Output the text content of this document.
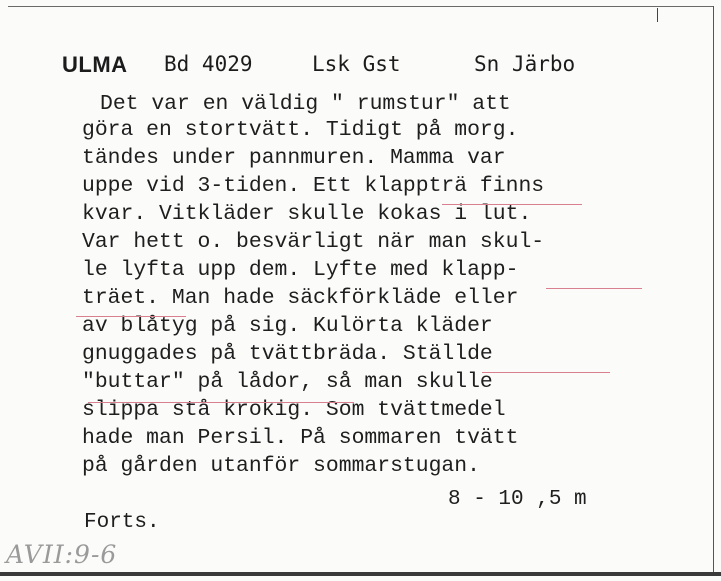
ULMA Bd 4029	Lsk Gst	Sn Järbo
Det var en väldig " rumstur" att
göra en stortvätt. Tidigt på morg.
tändes under pannmuren. Mamma var
uppe vid 3-tiden. Ett klappträ finns
kvar. Vitkläder skulle kokas i lut.
Var hett o. besvärligt när man skul-
le lyfta upp dem. Lyfte med klapp-
träet. Man hade säckförkläde eller
av blåtyg på sig. Kulörta kläder
gnuggades på tvättbräda. Ställde
"buttar" på lådor, så man skulle
slippa stå krokig. Som tvättmedel
hade man Persil. På sommaren tvätt
på gården utanför sommarstugan.
8 - 10 ,5 m
Forts.
AVII:9-6
